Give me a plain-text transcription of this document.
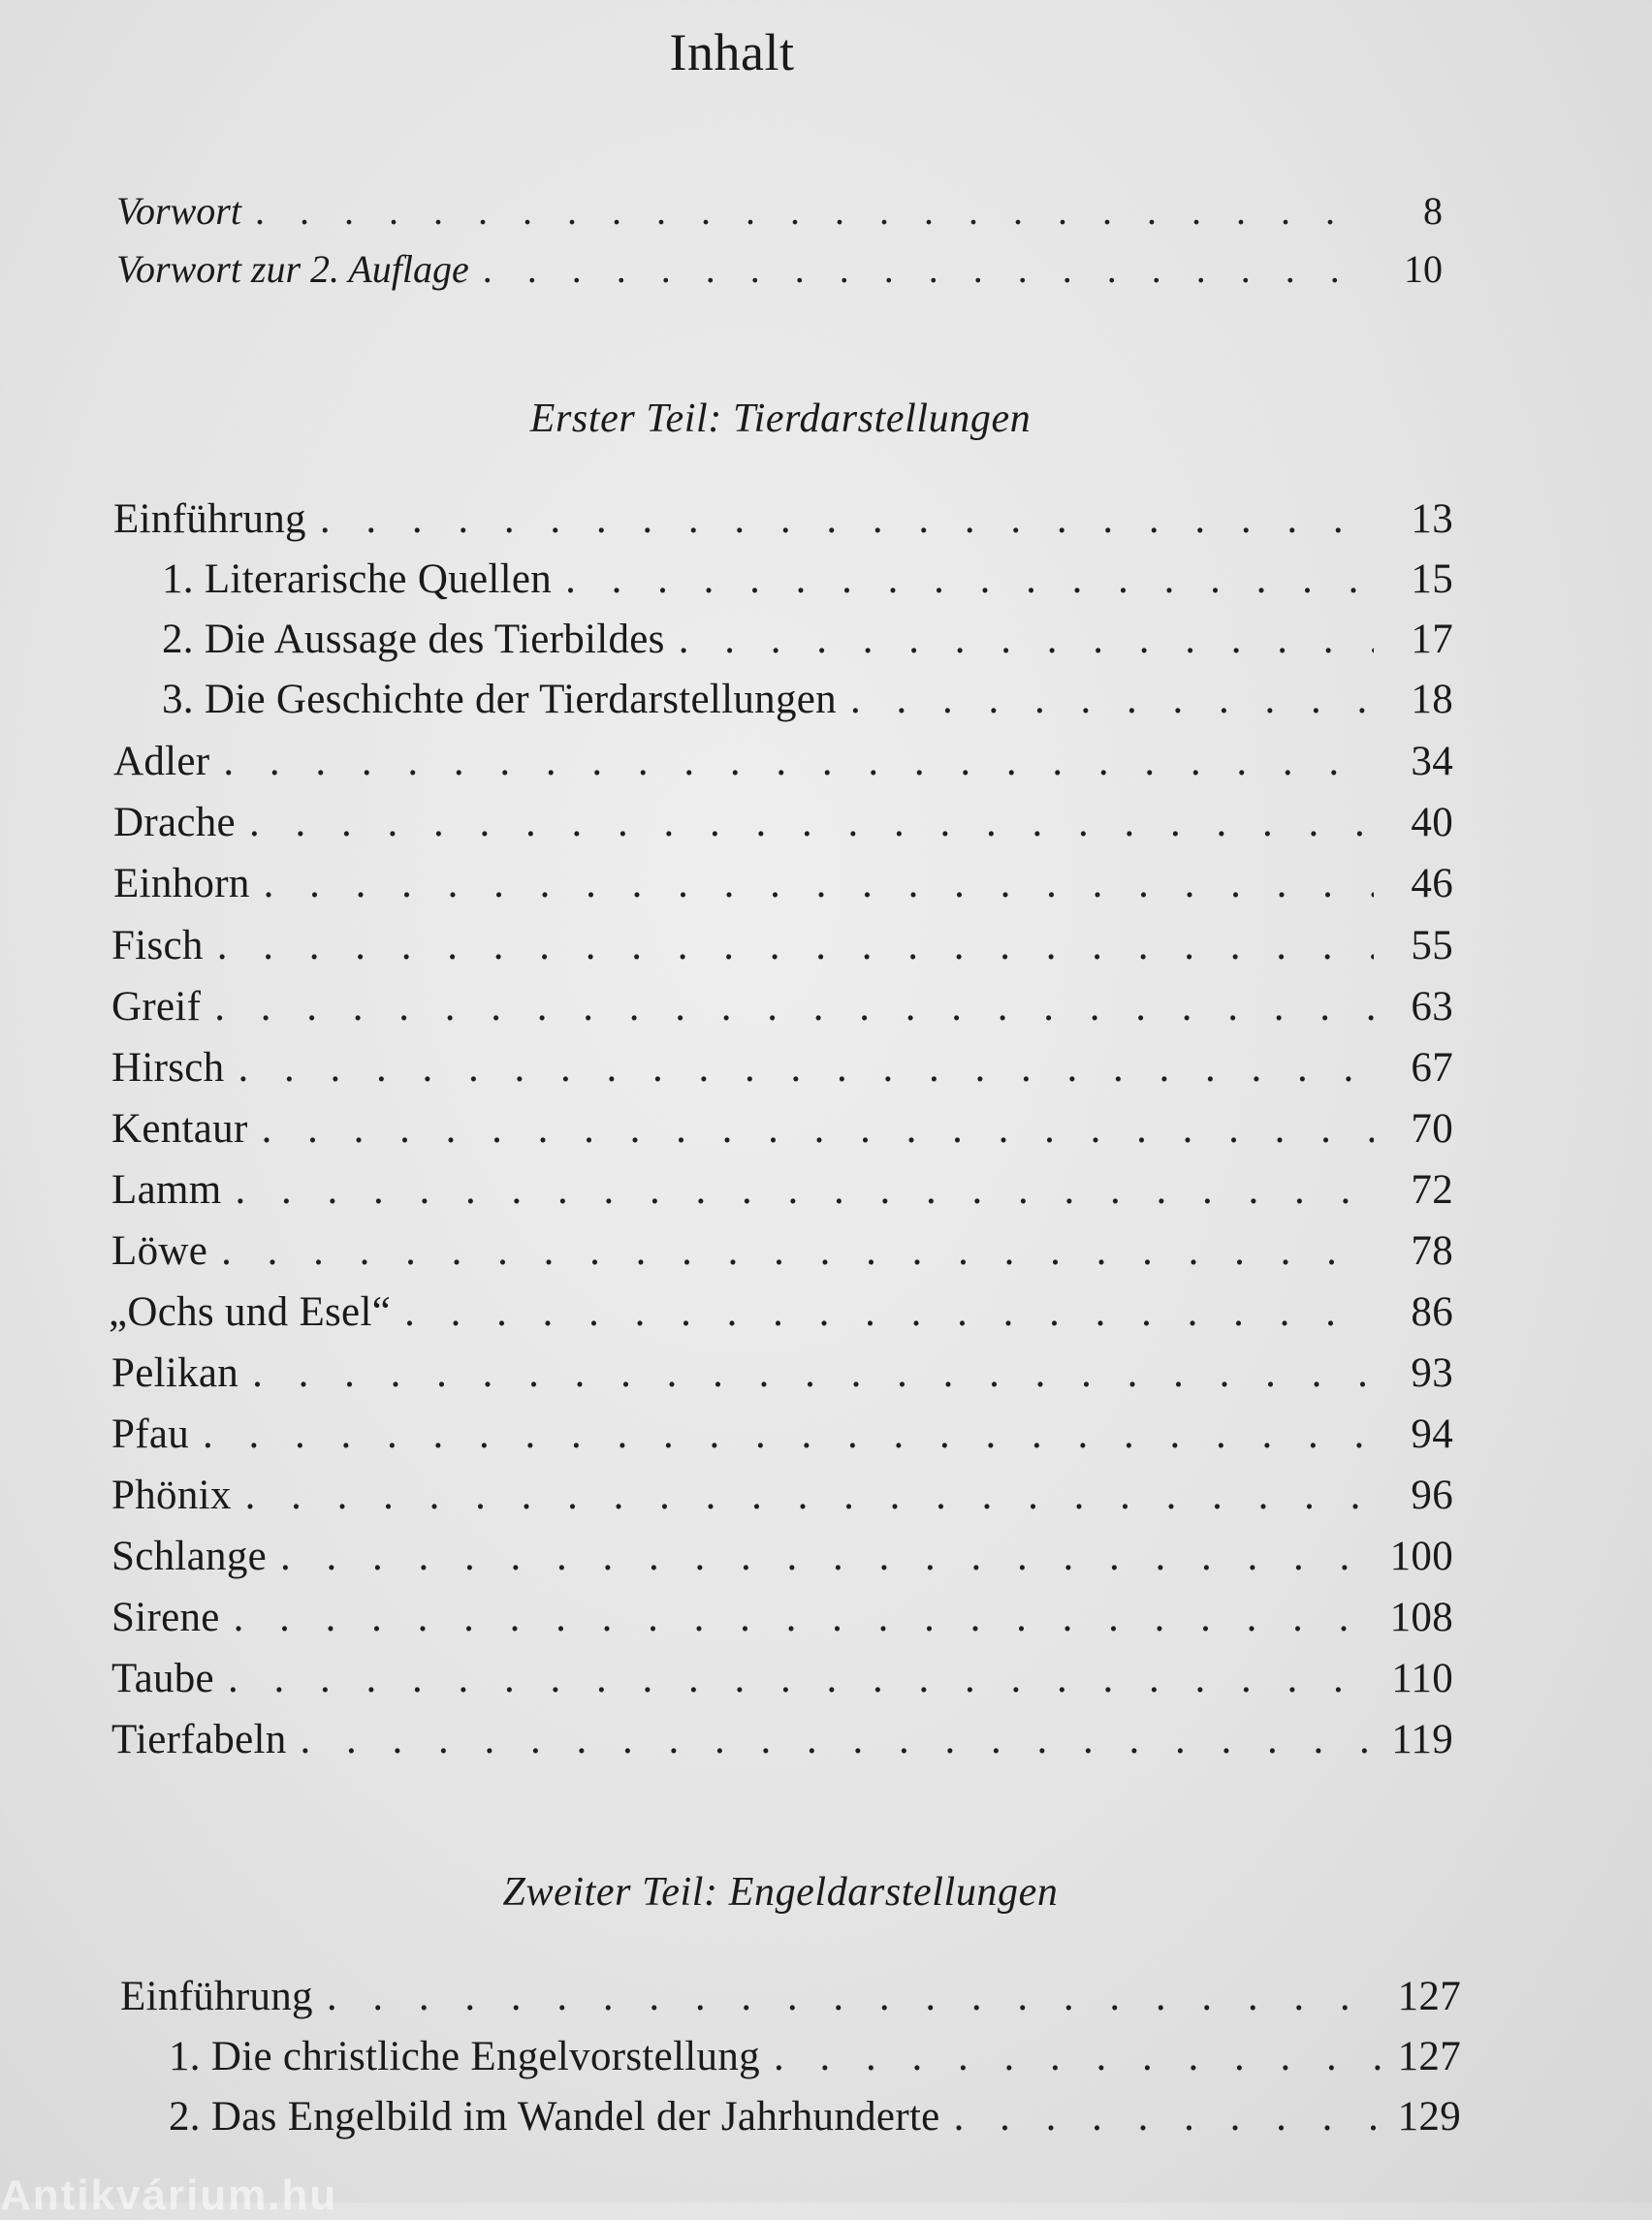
Inhalt
Vorwort . . .	8
Vorwort zur 2. Auflage . . .	10
Erster Teil: Tierdarstellungen
Einführung . . .	13
1. Literarische Quellen . . .	15
2. Die Aussage des Tierbildes . . .	17
3. Die Geschichte der Tierdarstellungen . . .	18
Adler . . .	34
Drache . . .	40
Einhorn . . .	46
Fisch . . .	55
Greif . . .	63
Hirsch . . .	67
Kentaur . . .	70
Lamm . . .	72
Löwe . . .	78
„Ochs und Esel“ . . .	86
Pelikan . . .	93
Pfau . . .	94
Phönix . . .	96
Schlange . . .	100
Sirene . . .	108
Taube . . .	110
Tierfabeln . . .	119
Zweiter Teil: Engeldarstellungen
Einführung . . .	127
1. Die christliche Engelvorstellung . . .	127
2. Das Engelbild im Wandel der Jahrhunderte . . .	129
Antikvárium.hu
